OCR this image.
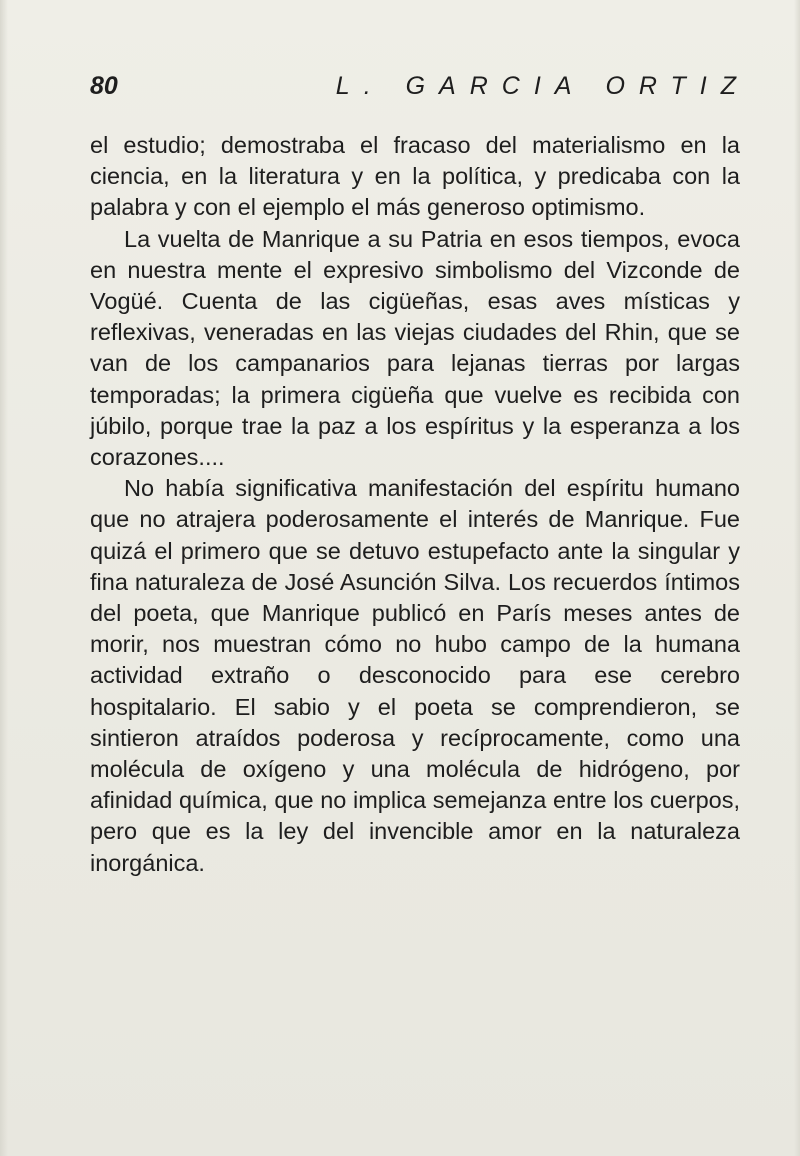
80	L. GARCIA ORTIZ

el estudio; demostraba el fracaso del materialismo en la ciencia, en la literatura y en la política, y predicaba con la palabra y con el ejemplo el más generoso optimismo.

La vuelta de Manrique a su Patria en esos tiempos, evoca en nuestra mente el expresivo simbolismo del Vizconde de Vogüé. Cuenta de las cigüeñas, esas aves místicas y reflexivas, veneradas en las viejas ciudades del Rhin, que se van de los campanarios para lejanas tierras por largas temporadas; la primera cigüeña que vuelve es recibida con júbilo, porque trae la paz a los espíritus y la esperanza a los corazones....

No había significativa manifestación del espíritu humano que no atrajera poderosamente el interés de Manrique. Fue quizá el primero que se detuvo estupefacto ante la singular y fina naturaleza de José Asunción Silva. Los recuerdos íntimos del poeta, que Manrique publicó en París meses antes de morir, nos muestran cómo no hubo campo de la humana actividad extraño o desconocido para ese cerebro hospitalario. El sabio y el poeta se comprendieron, se sintieron atraídos poderosa y recíprocamente, como una molécula de oxígeno y una molécula de hidrógeno, por afinidad química, que no implica semejanza entre los cuerpos, pero que es la ley del invencible amor en la naturaleza inorgánica.
